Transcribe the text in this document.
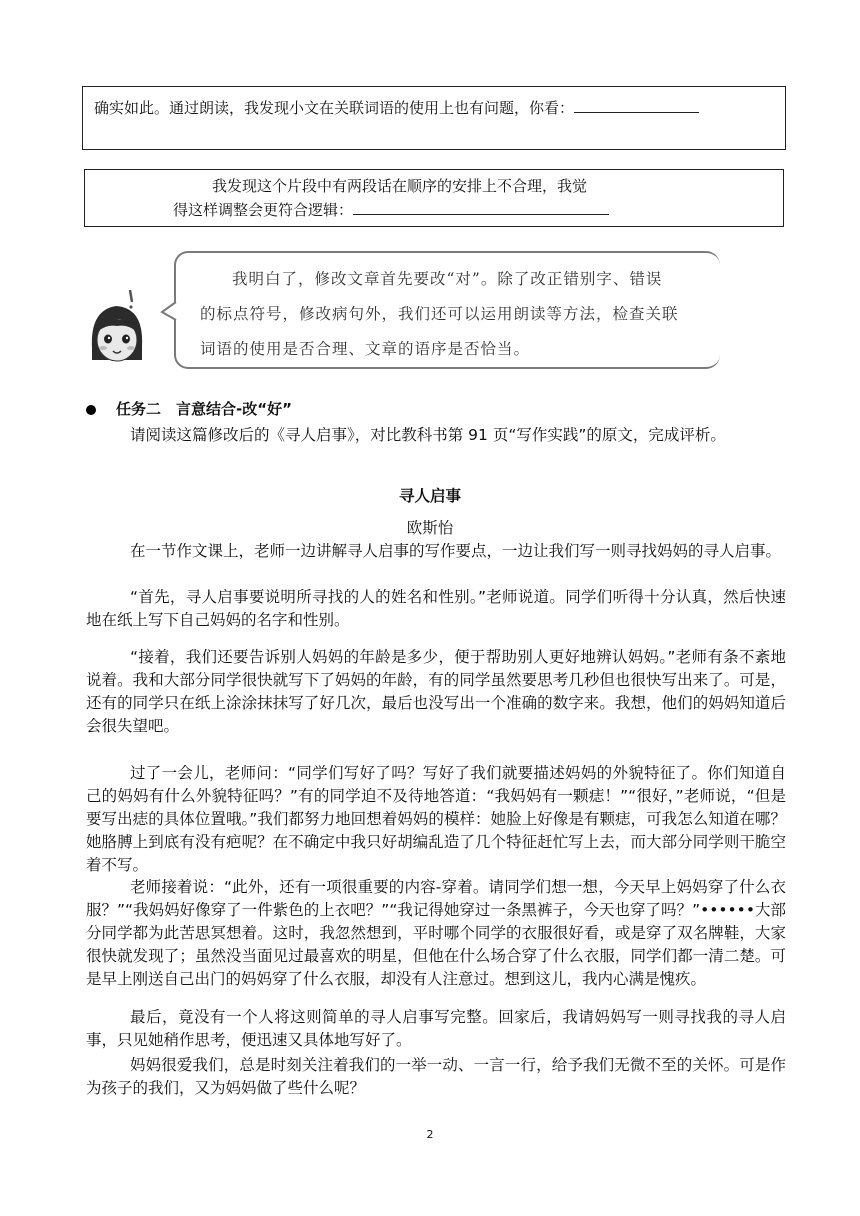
确实如此。通过朗读，我发现小文在关联词语的使用上也有问题，你看：
我发现这个片段中有两段话在顺序的安排上不合理，我觉
得这样调整会更符合逻辑：
我明白了，修改文章首先要改“对”。除了改正错别字、错误
的标点符号，修改病句外，我们还可以运用朗读等方法，检查关联
词语的使用是否合理、文章的语序是否恰当。
任务二　言意结合-改“好”

请阅读这篇修改后的《寻人启事》，对比教科书第 91 页“写作实践”的原文，完成评析。

寻人启事
欧斯怡

在一节作文课上，老师一边讲解寻人启事的写作要点，一边让我们写一则寻找妈妈的寻人启事。

“首先，寻人启事要说明所寻找的人的姓名和性别。”老师说道。同学们听得十分认真，然后快速地在纸上写下自己妈妈的名字和性别。

“接着，我们还要告诉别人妈妈的年龄是多少，便于帮助别人更好地辨认妈妈。”老师有条不紊地说着。我和大部分同学很快就写下了妈妈的年龄，有的同学虽然要思考几秒但也很快写出来了。可是，还有的同学只在纸上涂涂抹抹写了好几次，最后也没写出一个准确的数字来。我想，他们的妈妈知道后会很失望吧。

过了一会儿，老师问：“同学们写好了吗？写好了我们就要描述妈妈的外貌特征了。你们知道自己的妈妈有什么外貌特征吗？”有的同学迫不及待地答道：“我妈妈有一颗痣！”“很好，”老师说，“但是要写出痣的具体位置哦。”我们都努力地回想着妈妈的模样：她脸上好像是有颗痣，可我怎么知道在哪？她胳膊上到底有没有疤呢？在不确定中我只好胡编乱造了几个特征赶忙写上去，而大部分同学则干脆空着不写。

老师接着说：“此外，还有一项很重要的内容-穿着。请同学们想一想，今天早上妈妈穿了什么衣服？”“我妈妈好像穿了一件紫色的上衣吧？”“我记得她穿过一条黑裤子，今天也穿了吗？”••••••大部分同学都为此苦思冥想着。这时，我忽然想到，平时哪个同学的衣服很好看，或是穿了双名牌鞋，大家很快就发现了；虽然没当面见过最喜欢的明星，但他在什么场合穿了什么衣服，同学们都一清二楚。可是早上刚送自己出门的妈妈穿了什么衣服，却没有人注意过。想到这儿，我内心满是愧疚。

最后，竟没有一个人将这则简单的寻人启事写完整。回家后，我请妈妈写一则寻找我的寻人启事，只见她稍作思考，便迅速又具体地写好了。

妈妈很爱我们，总是时刻关注着我们的一举一动、一言一行，给予我们无微不至的关怀。可是作为孩子的我们，又为妈妈做了些什么呢？

2
